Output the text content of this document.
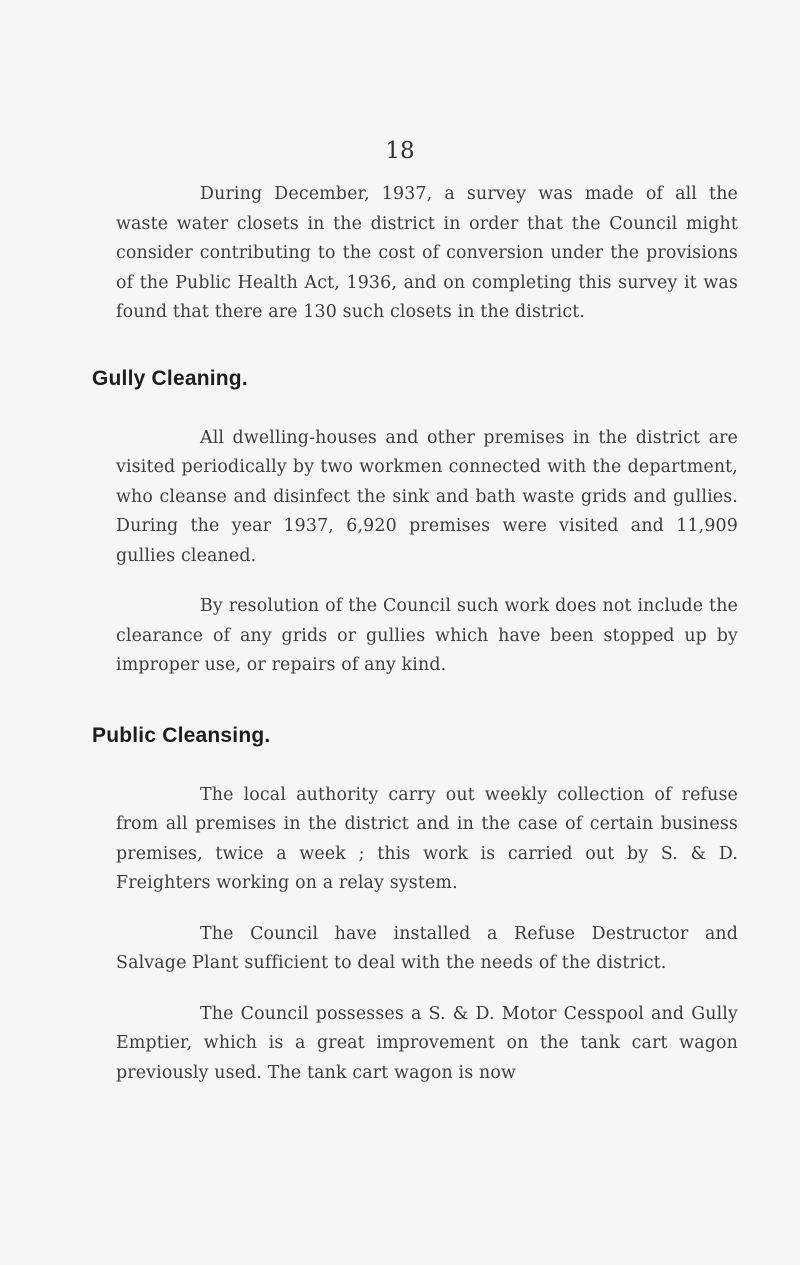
18

During December, 1937, a survey was made of all the waste water closets in the district in order that the Council might consider contributing to the cost of conversion under the provisions of the Public Health Act, 1936, and on completing this survey it was found that there are 130 such closets in the district.

Gully Cleaning.

All dwelling-houses and other premises in the district are visited periodically by two workmen connected with the department, who cleanse and disinfect the sink and bath waste grids and gullies. During the year 1937, 6,920 premises were visited and 11,909 gullies cleaned.

By resolution of the Council such work does not include the clearance of any grids or gullies which have been stopped up by improper use, or repairs of any kind.

Public Cleansing.

The local authority carry out weekly collection of refuse from all premises in the district and in the case of certain business premises, twice a week ; this work is carried out by S. & D. Freighters working on a relay system.

The Council have installed a Refuse Destructor and Salvage Plant sufficient to deal with the needs of the district.

The Council possesses a S. & D. Motor Cesspool and Gully Emptier, which is a great improvement on the tank cart wagon previously used. The tank cart wagon is now
